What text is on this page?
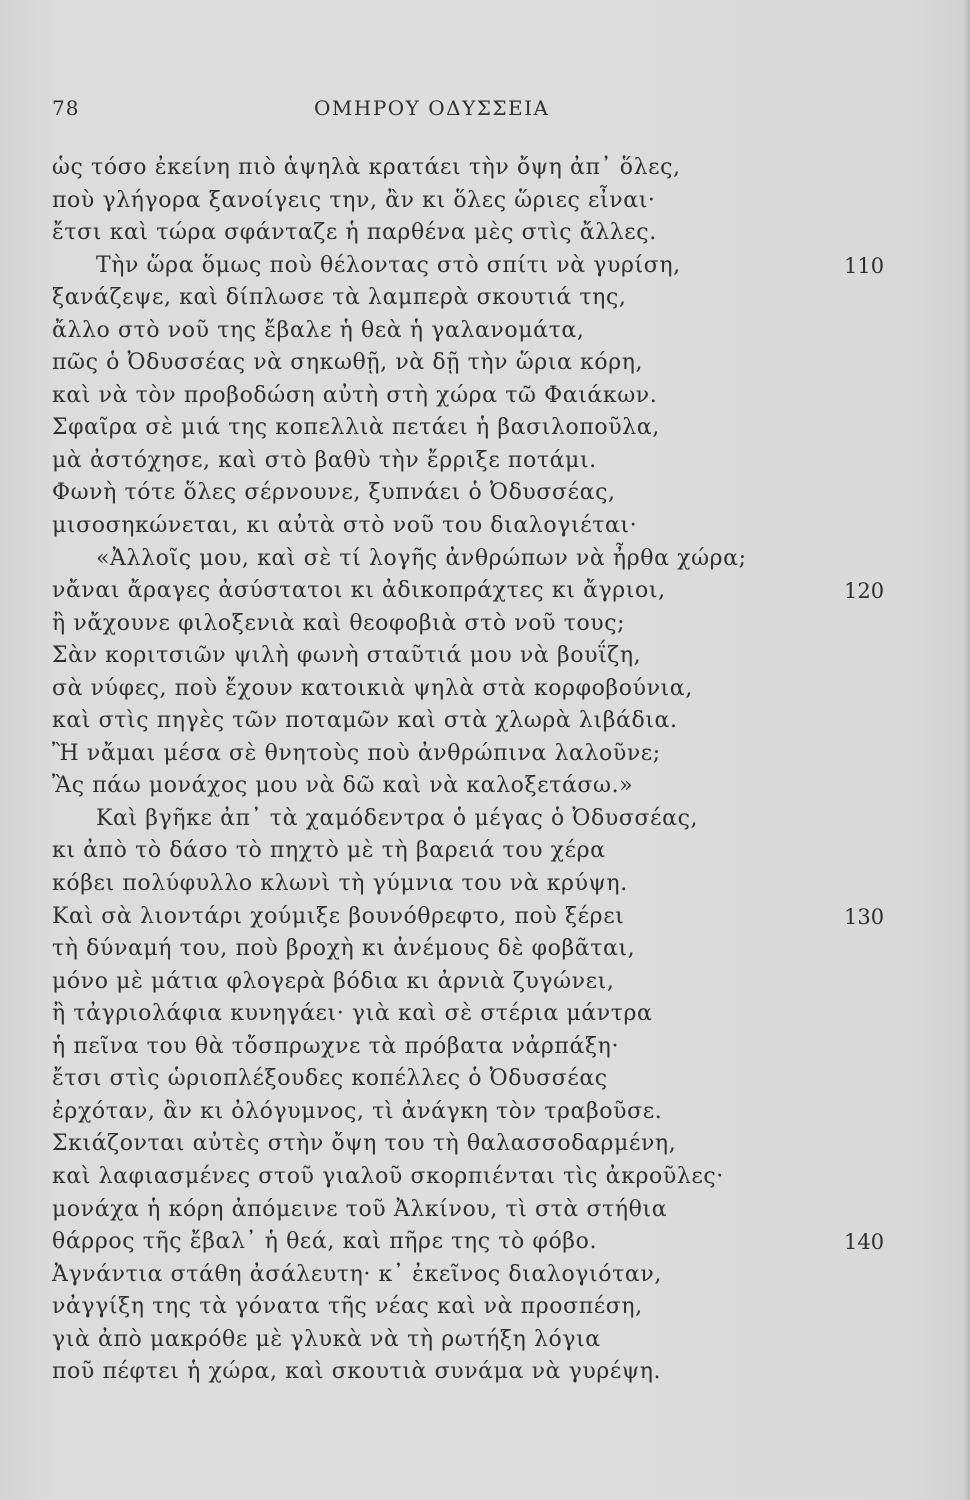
78	ΟΜΗΡΟΥ ΟΔΥΣΣΕΙΑ
ὡς τόσο ἐκείνη πιὸ ἁψηλὰ κρατάει τὴν ὄψη ἀπ᾽ ὅλες,
ποὺ γλήγορα ξανοίγεις την, ἂν κι ὅλες ὥριες εἶναι·
ἔτσι καὶ τώρα σφάνταζε ἡ παρθένα μὲς στὶς ἄλλες.
Τὴν ὥρα ὅμως ποὺ θέλοντας στὸ σπίτι νὰ γυρίση,	110
ξανάζεψε, καὶ δίπλωσε τὰ λαμπερὰ σκουτιά της,
ἄλλο στὸ νοῦ της ἔβαλε ἡ θεὰ ἡ γαλανομάτα,
πῶς ὁ Ὀδυσσέας νὰ σηκωθῇ, νὰ δῇ τὴν ὥρια κόρη,
καὶ νὰ τὸν προβοδώση αὐτὴ στὴ χώρα τῶ Φαιάκων.
Σφαῖρα σὲ μιά της κοπελλιὰ πετάει ἡ βασιλοποῦλα,
μὰ ἀστόχησε, καὶ στὸ βαθὺ τὴν ἔρριξε ποτάμι.
Φωνὴ τότε ὅλες σέρνουνε, ξυπνάει ὁ Ὀδυσσέας,
μισοσηκώνεται, κι αὐτὰ στὸ νοῦ του διαλογιέται·
«Ἀλλοῖς μου, καὶ σὲ τί λογῆς ἀνθρώπων νὰ ἦρθα χώρα;
νἄναι ἄραγες ἀσύστατοι κι ἀδικοπράχτες κι ἄγριοι,	120
ἢ νἄχουνε φιλοξενιὰ καὶ θεοφοβιὰ στὸ νοῦ τους;
Σὰν κοριτσιῶν ψιλὴ φωνὴ σταῦτιά μου νὰ βουΐζη,
σὰ νύφες, ποὺ ἔχουν κατοικιὰ ψηλὰ στὰ κορφοβούνια,
καὶ στὶς πηγὲς τῶν ποταμῶν καὶ στὰ χλωρὰ λιβάδια.
Ἢ νἄμαι μέσα σὲ θνητοὺς ποὺ ἀνθρώπινα λαλοῦνε;
Ἂς πάω μονάχος μου νὰ δῶ καὶ νὰ καλοξετάσω.»
Καὶ βγῆκε ἀπ᾽ τὰ χαμόδεντρα ὁ μέγας ὁ Ὀδυσσέας,
κι ἀπὸ τὸ δάσο τὸ πηχτὸ μὲ τὴ βαρειά του χέρα
κόβει πολύφυλλο κλωνὶ τὴ γύμνια του νὰ κρύψη.
Καὶ σὰ λιοντάρι χούμιξε βουνόθρεφτο, ποὺ ξέρει	130
τὴ δύναμή του, ποὺ βροχὴ κι ἀνέμους δὲ φοβᾶται,
μόνο μὲ μάτια φλογερὰ βόδια κι ἀρνιὰ ζυγώνει,
ἢ τἀγριολάφια κυνηγάει· γιὰ καὶ σὲ στέρια μάντρα
ἡ πεῖνα του θὰ τὄσπρωχνε τὰ πρόβατα νἀρπάξη·
ἔτσι στὶς ὡριοπλέξουδες κοπέλλες ὁ Ὀδυσσέας
ἐρχόταν, ἂν κι ὀλόγυμνος, τὶ ἀνάγκη τὸν τραβοῦσε.
Σκιάζονται αὐτὲς στὴν ὄψη του τὴ θαλασσοδαρμένη,
καὶ λαφιασμένες στοῦ γιαλοῦ σκορπιένται τὶς ἀκροῦλες·
μονάχα ἡ κόρη ἀπόμεινε τοῦ Ἀλκίνου, τὶ στὰ στήθια
θάρρος τῆς ἔβαλ᾽ ἡ θεά, καὶ πῆρε της τὸ φόβο.	140
Ἀγνάντια στάθη ἀσάλευτη· κ᾽ ἐκεῖνος διαλογιόταν,
νἀγγίξη της τὰ γόνατα τῆς νέας καὶ νὰ προσπέση,
γιὰ ἀπὸ μακρόθε μὲ γλυκὰ νὰ τὴ ρωτήξη λόγια
ποῦ πέφτει ἡ χώρα, καὶ σκουτιὰ συνάμα νὰ γυρέψη.
